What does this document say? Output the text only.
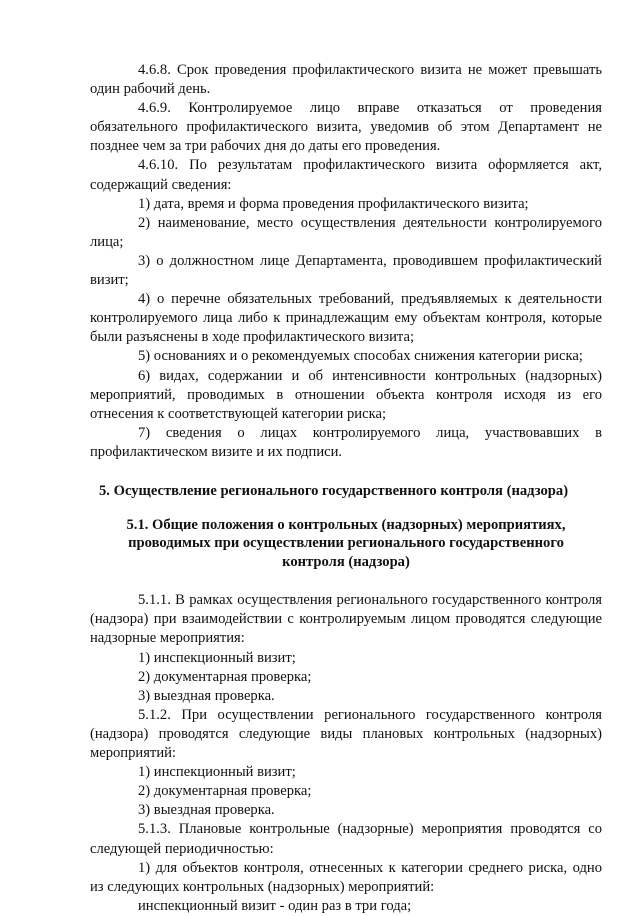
4.6.8. Срок проведения профилактического визита не может превышать один рабочий день.

4.6.9. Контролируемое лицо вправе отказаться от проведения обязательного профилактического визита, уведомив об этом Департамент не позднее чем за три рабочих дня до даты его проведения.

4.6.10. По результатам профилактического визита оформляется акт, содержащий сведения:

1) дата, время и форма проведения профилактического визита;

2) наименование, место осуществления деятельности контролируемого лица;

3) о должностном лице Департамента, проводившем профилактический визит;

4) о перечне обязательных требований, предъявляемых к деятельности контролируемого лица либо к принадлежащим ему объектам контроля, которые были разъяснены в ходе профилактического визита;

5) основаниях и о рекомендуемых способах снижения категории риска;

6) видах, содержании и об интенсивности контрольных (надзорных) мероприятий, проводимых в отношении объекта контроля исходя из его отнесения к соответствующей категории риска;

7) сведения о лицах контролируемого лица, участвовавших в профилактическом визите и их подписи.

5. Осуществление регионального государственного контроля (надзора)

5.1. Общие положения о контрольных (надзорных) мероприятиях, проводимых при осуществлении регионального государственного контроля (надзора)

5.1.1. В рамках осуществления регионального государственного контроля (надзора) при взаимодействии с контролируемым лицом проводятся следующие надзорные мероприятия:

1) инспекционный визит;

2) документарная проверка;

3) выездная проверка.

5.1.2. При осуществлении регионального государственного контроля (надзора) проводятся следующие виды плановых контрольных (надзорных) мероприятий:

1) инспекционный визит;

2) документарная проверка;

3) выездная проверка.

5.1.3. Плановые контрольные (надзорные) мероприятия проводятся со следующей периодичностью:

1) для объектов контроля, отнесенных к категории среднего риска, одно из следующих контрольных (надзорных) мероприятий:

инспекционный визит - один раз в три года;
